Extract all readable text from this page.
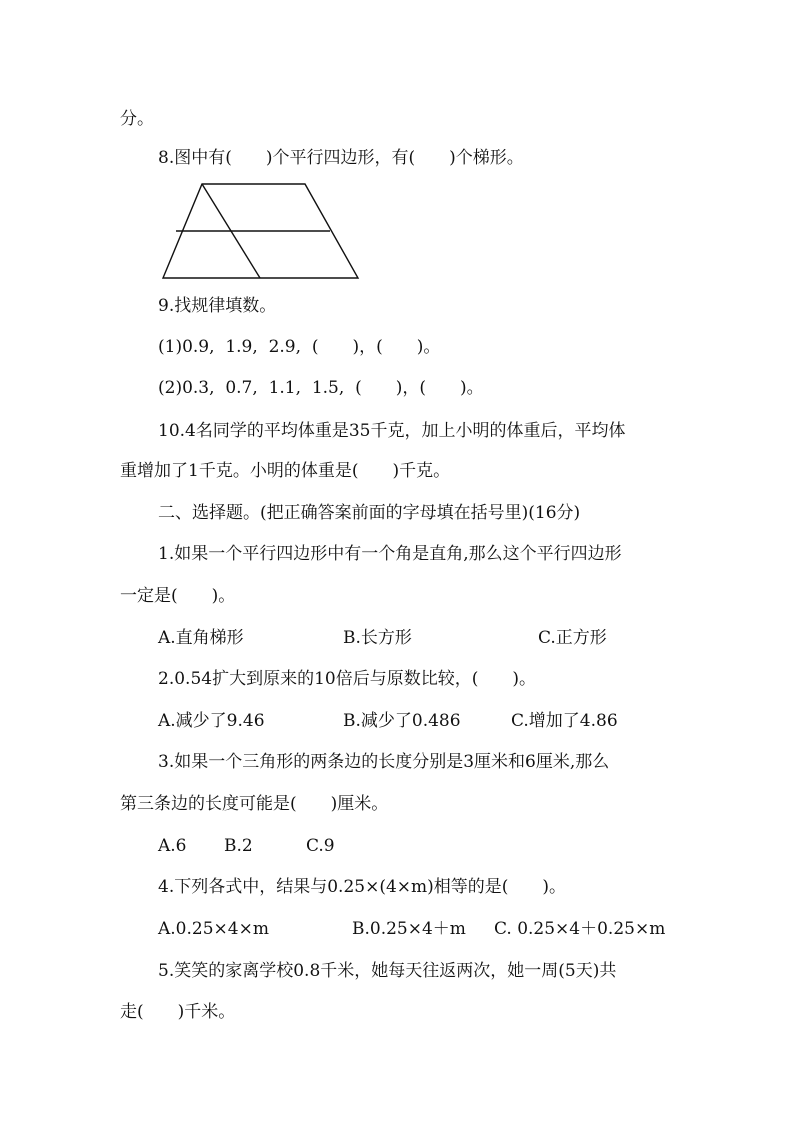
分。
8.图中有(　　)个平行四边形，有(　　)个梯形。
9.找规律填数。
(1)0.9,  1.9,  2.9,  (　　)，(　　)。
(2)0.3,  0.7,  1.1,  1.5,  (　　)，(　　)。
10.4名同学的平均体重是35千克，加上小明的体重后，平均体
重增加了1千克。小明的体重是(　　)千克。
二、选择题。(把正确答案前面的字母填在括号里)(16分)
1.如果一个平行四边形中有一个角是直角,那么这个平行四边形
一定是(　　)。
A.直角梯形	B.长方形	C.正方形
2.0.54扩大到原来的10倍后与原数比较，(　　)。
A.减少了9.46	B.减少了0.486	C.增加了4.86
3.如果一个三角形的两条边的长度分别是3厘米和6厘米,那么
第三条边的长度可能是(　　)厘米。
A.6 B.2	C.9
4.下列各式中，结果与0.25×(4×m)相等的是(　　)。
A.0.25×4×m	B.0.25×4＋m C. 0.25×4＋0.25×m
5.笑笑的家离学校0.8千米，她每天往返两次，她一周(5天)共
走(　　)千米。
